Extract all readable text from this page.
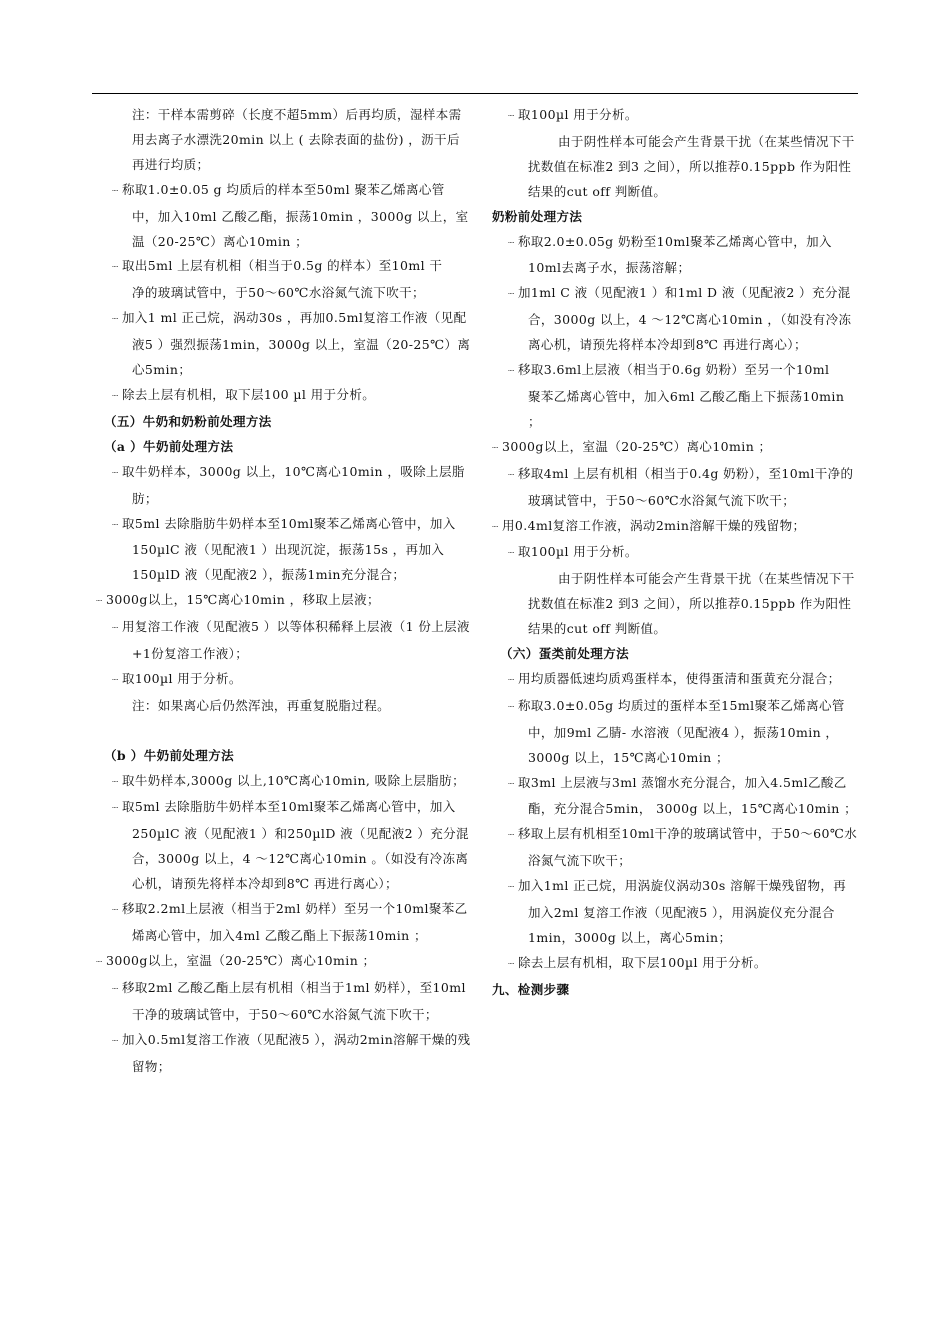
注：干样本需剪碎（长度不超5mm）后再均质，湿样本需用去离子水漂洗20min 以上 ( 去除表面的盐份) ，沥干后再进行均质；

┈ 称取1.0±0.05 g 均质后的样本至50ml 聚苯乙烯离心管

中，加入10ml 乙酸乙酯，振荡10min ，3000g 以上，室温（20-25℃）离心10min ；

┈ 取出5ml 上层有机相（相当于0.5g 的样本）至10ml 干

净的玻璃试管中，于50～60℃水浴氮气流下吹干；

┈ 加入1 ml 正己烷，涡动30s ，再加0.5ml复溶工作液（见配液5 ）强烈振荡1min，3000g 以上，室温（20-25℃）离心5min；

┈ 除去上层有机相，取下层100 µl 用于分析。

（五）牛奶和奶粉前处理方法

（a ）牛奶前处理方法

┈ 取牛奶样本，3000g 以上，10℃离心10min ，吸除上层脂肪；

┈ 取5ml 去除脂肪牛奶样本至10ml聚苯乙烯离心管中，加入150µlC 液（见配液1 ）出现沉淀，振荡15s ，再加入150µlD 液（见配液2 ），振荡1min充分混合；

┈ 3000g以上，15℃离心10min ，移取上层液；

┈ 用复溶工作液（见配液5 ）以等体积稀释上层液（1 份上层液+1份复溶工作液）；

┈ 取100µl 用于分析。

注：如果离心后仍然浑浊，再重复脱脂过程。

（b ）牛奶前处理方法

┈ 取牛奶样本,3000g 以上,10℃离心10min, 吸除上层脂肪；

┈ 取5ml 去除脂肪牛奶样本至10ml聚苯乙烯离心管中，加入250µlC 液（见配液1 ）和250µlD 液（见配液2 ）充分混合，3000g 以上，4 ～12℃离心10min 。（如没有冷冻离心机，请预先将样本冷却到8℃ 再进行离心）；

┈ 移取2.2ml上层液（相当于2ml 奶样）至另一个10ml聚苯乙烯离心管中，加入4ml 乙酸乙酯上下振荡10min ；

┈ 3000g以上，室温（20-25℃）离心10min ；

┈ 移取2ml 乙酸乙酯上层有机相（相当于1ml 奶样），至10ml干净的玻璃试管中，于50～60℃水浴氮气流下吹干；

┈ 加入0.5ml复溶工作液（见配液5 ），涡动2min溶解干燥的残留物；

┈ 取100µl 用于分析。

由于阴性样本可能会产生背景干扰（在某些情况下干扰数值在标准2 到3 之间），所以推荐0.15ppb 作为阳性结果的cut off 判断值。

奶粉前处理方法

┈ 称取2.0±0.05g 奶粉至10ml聚苯乙烯离心管中，加入10ml去离子水，振荡溶解；

┈ 加1ml C 液（见配液1 ）和1ml D 液（见配液2 ）充分混合，3000g 以上，4 ～12℃离心10min ，（如没有冷冻离心机，请预先将样本冷却到8℃ 再进行离心）；

┈ 移取3.6ml上层液（相当于0.6g 奶粉）至另一个10ml

聚苯乙烯离心管中，加入6ml 乙酸乙酯上下振荡10min ；

┈ 3000g以上，室温（20-25℃）离心10min ；

┈ 移取4ml 上层有机相（相当于0.4g 奶粉），至10ml干净的玻璃试管中，于50～60℃水浴氮气流下吹干；

┈ 用0.4ml复溶工作液，涡动2min溶解干燥的残留物；

┈ 取100µl 用于分析。

由于阴性样本可能会产生背景干扰（在某些情况下干扰数值在标准2 到3 之间），所以推荐0.15ppb 作为阳性结果的cut off 判断值。

（六）蛋类前处理方法

┈ 用均质器低速均质鸡蛋样本，使得蛋清和蛋黄充分混合；

┈ 称取3.0±0.05g 均质过的蛋样本至15ml聚苯乙烯离心管中，加9ml 乙腈- 水溶液（见配液4 ），振荡10min ，3000g 以上，15℃离心10min ；

┈ 取3ml 上层液与3ml 蒸馏水充分混合，加入4.5ml乙酸乙酯，充分混合5min， 3000g 以上，15℃离心10min ；

┈ 移取上层有机相至10ml干净的玻璃试管中，于50～60℃水浴氮气流下吹干；

┈ 加入1ml 正己烷，用涡旋仪涡动30s 溶解干燥残留物，再加入2ml 复溶工作液（见配液5 ），用涡旋仪充分混合1min，3000g 以上，离心5min；

┈ 除去上层有机相，取下层100µl 用于分析。

九、检测步骤
